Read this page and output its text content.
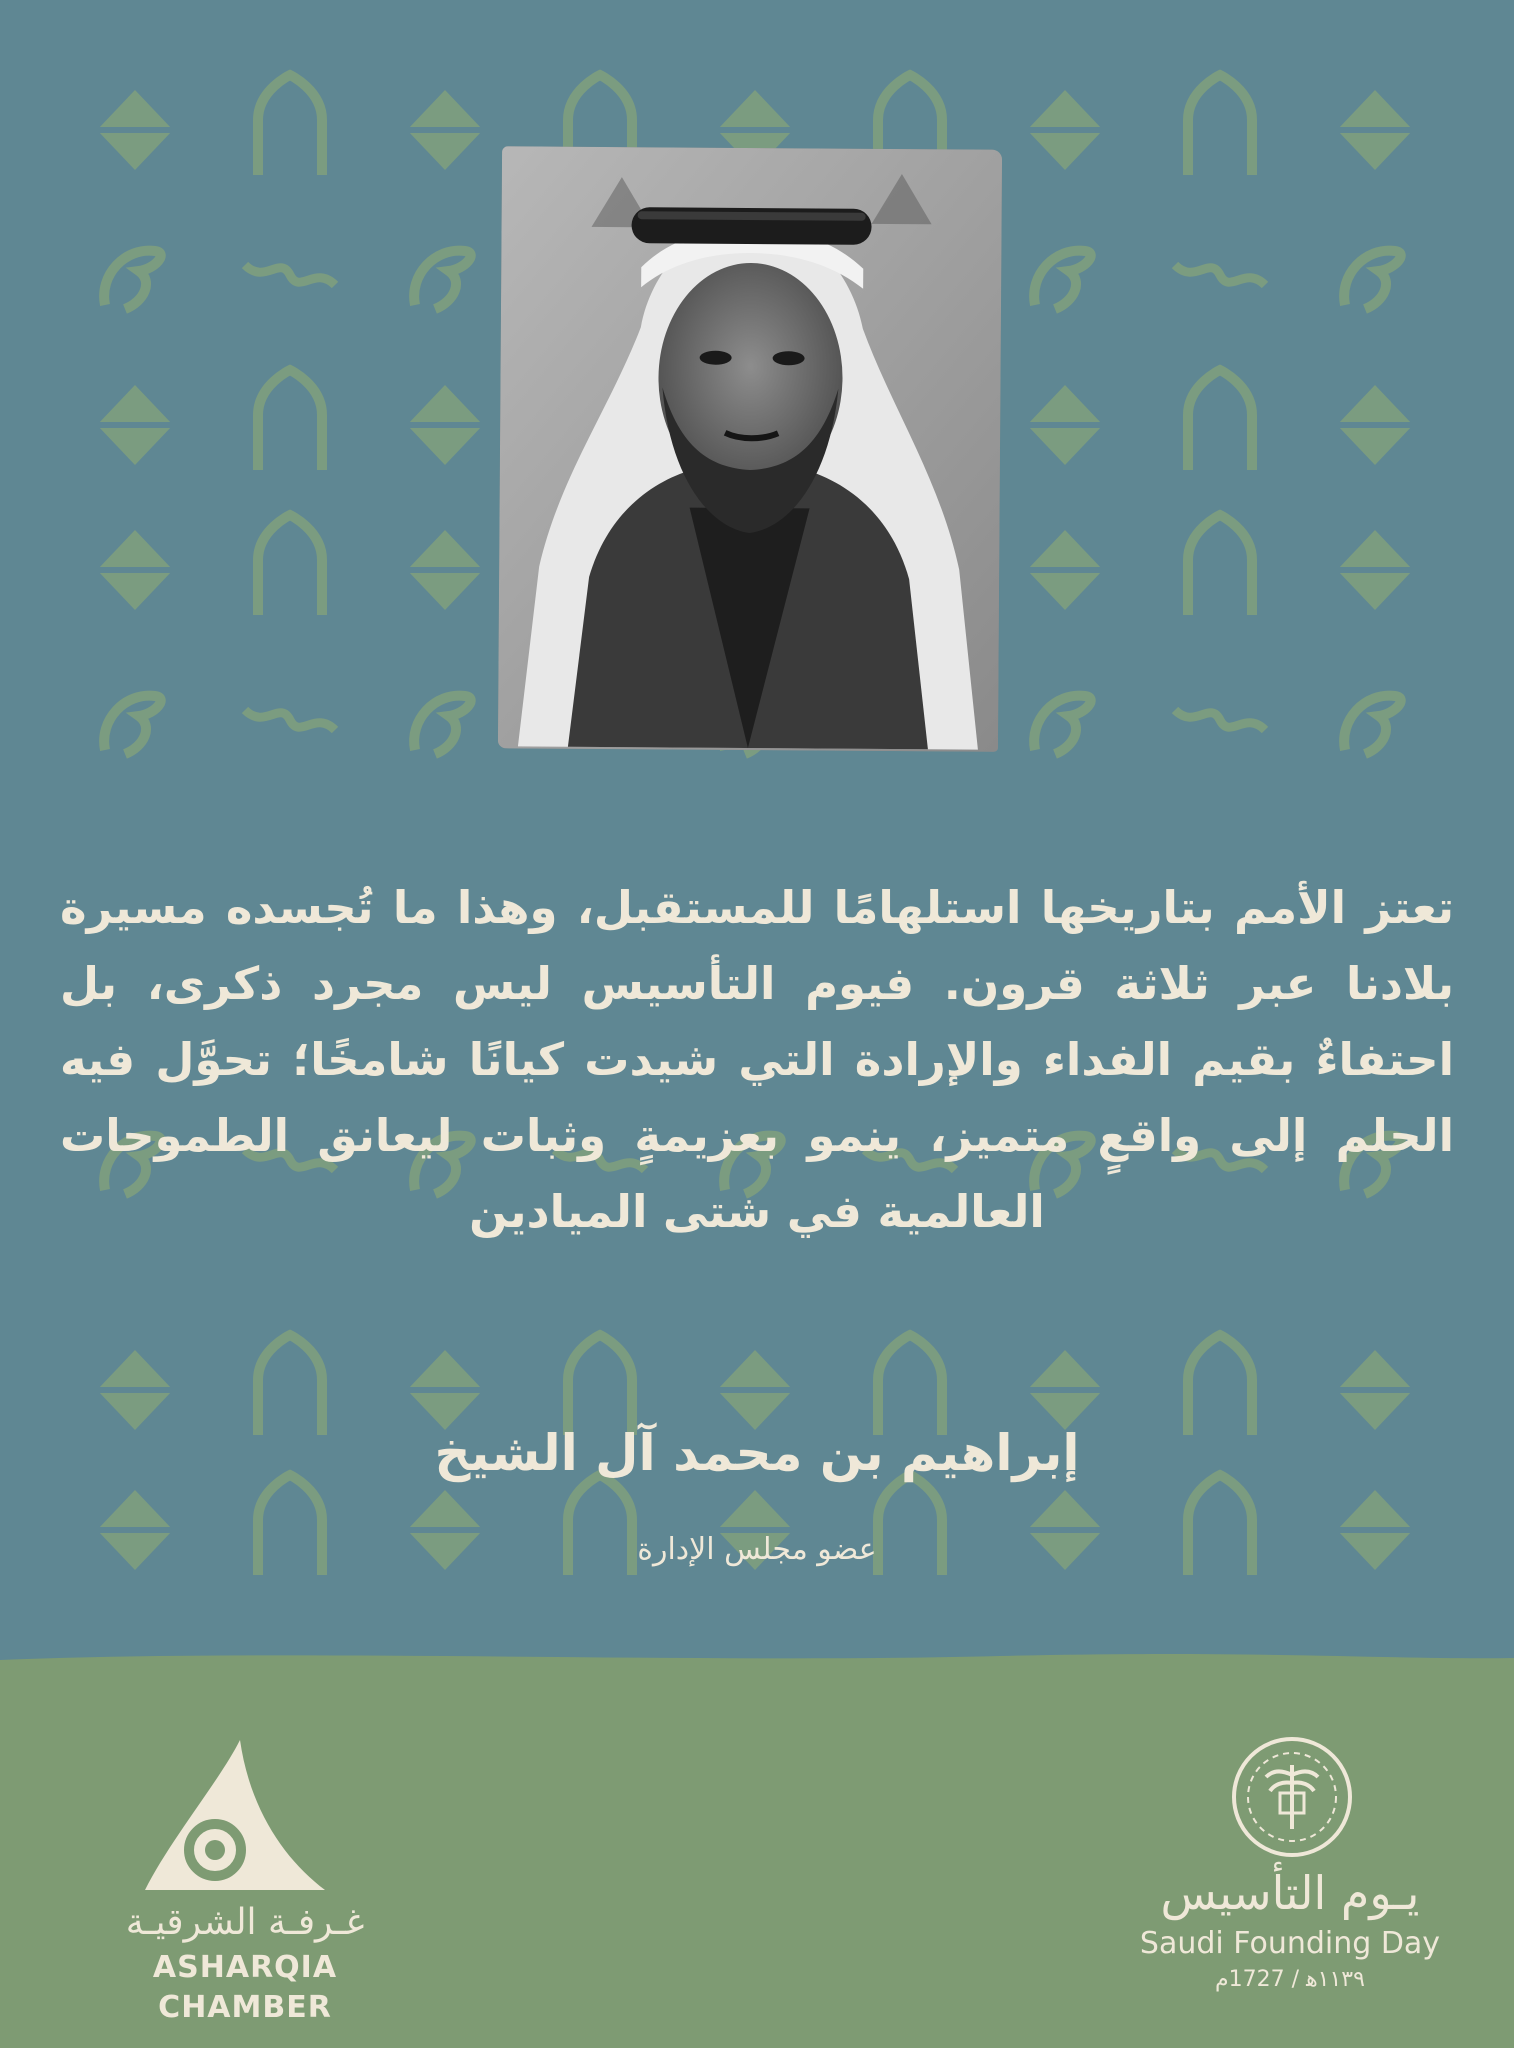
تعتز الأمم بتاريخها استلهامًا للمستقبل، وهذا ما تُجسده مسيرة بلادنا عبر ثلاثة قرون. فيوم التأسيس ليس مجرد ذكرى، بل احتفاءٌ بقيم الفداء والإرادة التي شيدت كيانًا شامخًا؛ تحوَّل فيه الحلم إلى واقعٍ متميز، ينمو بعزيمةٍ وثبات ليعانق الطموحات العالمية في شتى الميادين
إبراهيم بن محمد آل الشيخ
عضو مجلس الإدارة
غـرفـة الشرقيـة
ASHARQIA CHAMBER
يـوم التأسيس
Saudi Founding Day
١١٣٩ﻫ / 1727م
